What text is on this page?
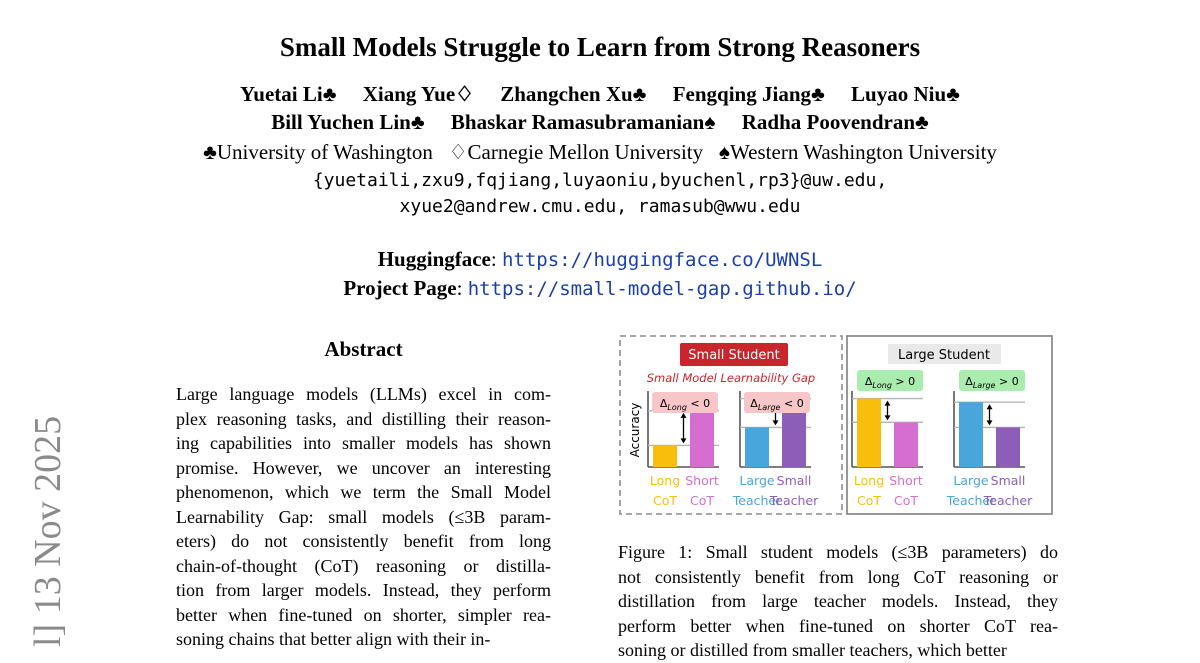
Small Models Struggle to Learn from Strong Reasoners
Yuetai Li♣ Xiang Yue♢ Zhangchen Xu♣ Fengqing Jiang♣ Luyao Niu♣
Bill Yuchen Lin♣ Bhaskar Ramasubramanian♠ Radha Poovendran♣
♣University of Washington ♢Carnegie Mellon University ♠Western Washington University
{yuetaili,zxu9,fqjiang,luyaoniu,byuchenl,rp3}@uw.edu,
xyue2@andrew.cmu.edu, ramasub@wwu.edu
Huggingface: https://huggingface.co/UWNSL
Project Page: https://small-model-gap.github.io/
l] 13 Nov 2025
Abstract
Large language models (LLMs) excel in com-
plex reasoning tasks, and distilling their reason-
ing capabilities into smaller models has shown
promise. However, we uncover an interesting
phenomenon, which we term the Small Model
Learnability Gap: small models (≤3B param-
eters) do not consistently benefit from long
chain-of-thought (CoT) reasoning or distilla-
tion from larger models. Instead, they perform
better when fine-tuned on shorter, simpler rea-
soning chains that better align with their in-
Small Student
Small Model Learnability Gap
Accuracy
Large Student
$\Delta_{Long} < 0$
Long CoT
Short CoT
$\Delta_{Large} < 0$
Large Teacher
Small Teacher
$\Delta_{Long} > 0$
Long CoT
Short CoT
$\Delta_{Large} > 0$
Large Teacher
Small Teacher
Figure 1: Small student models (≤3B parameters) do
not consistently benefit from long CoT reasoning or
distillation from large teacher models. Instead, they
perform better when fine-tuned on shorter CoT rea-
soning or distilled from smaller teachers, which better
